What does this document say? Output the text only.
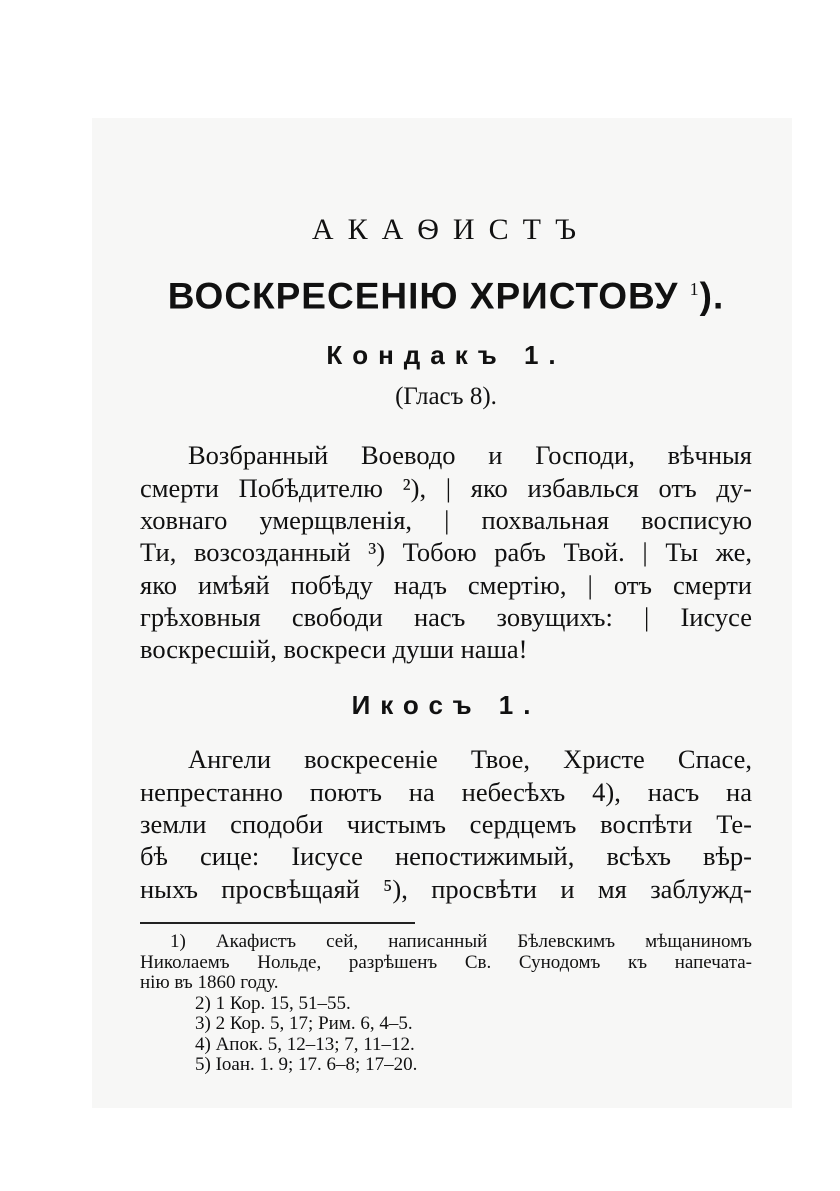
АКАѲИСТЪ
ВОСКРЕСЕНІЮ ХРИСТОВУ $^1$).
Кондакъ 1.
(Гласъ 8).
Возбранный Воеводо и Господи, вѣчныя
смерти Побѣдителю ²), | яко избавлься отъ ду-
ховнаго умерщвленія, | похвальная восписую
Ти, возсозданный ³) Тобою рабъ Твой. | Ты же,
яко имѣяй побѣду надъ смертію, | отъ смерти
грѣховныя свободи насъ зовущихъ: | Іисусе
воскресшій, воскреси души наша!
Икосъ 1.
Ангели воскресеніе Твое, Христе Спасе,
непрестанно поютъ на небесѣхъ 4), насъ на
земли сподоби чистымъ сердцемъ воспѣти Те-
бѣ сице: Іисусе непостижимый, всѣхъ вѣр-
ныхъ просвѣщаяй ⁵), просвѣти и мя заблужд-
1) Акафистъ сей, написанный Бѣлевскимъ мѣщаниномъ
Николаемъ Нольде, разрѣшенъ Св. Сунодомъ къ напечата-
нію въ 1860 году.
2) 1 Кор. 15, 51–55.
3) 2 Кор. 5, 17; Рим. 6, 4–5.
4) Апок. 5, 12–13; 7, 11–12.
5) Іоан. 1. 9; 17. 6–8; 17–20.
